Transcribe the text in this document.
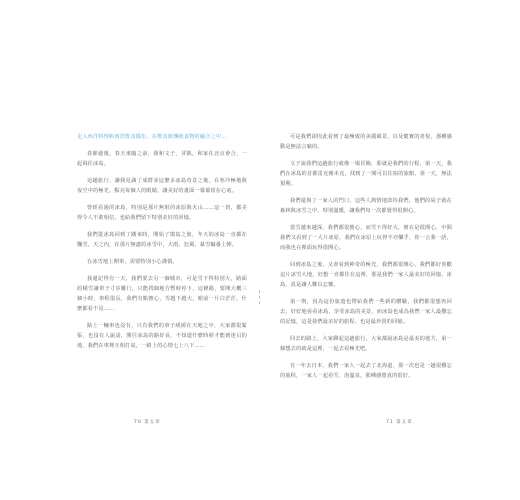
走入西洋料理和西洋飲食隊伍，在飲食與傳統食物的融合之中…

春節過後，春天來臨之前，我和文子，芽凱，和家在北京會合，一起飛往冰島。

這趟旅行，讓我見識了成群並這麼多冰島奇景之後，在寒冷極地與夜空中的極光，點亮每個人的眼睛，讓美好的畫面一幕幕留在心底。

曾經看過的冰島，特別是那片無垠的冰原與火山……這一切，都美得令人不敢相信，也給我們留下特別美好的回憶。

我們從冰島回到了剛來時，開始了環島之旅，冬天的冰島一直都在飄雪，天之內，在那片無盡的冰雪中，大雨、狂風、暴雪輪番上陣。

在冰雪地上開車，需要特別小心謹慎。

我還記得有一天，我們要去另一個城市，可是雪下得特別大，路面的積雪讓車子寸步難行，只能找個地方暫時停下，這條路，要開大概三個小時，車程很長，我們有點擔心，雪越下越大，眼前一片白茫茫，什麼都看不見……

路上一輛車也沒有，只有我們的車子緩緩在天地之中，大家都很緊張，也沒有人說話，開往冰島的路好長，不知道什麼時候才能到達目的地，我們在車裡互相打氣，一路上的心情七上八下……

70 第五章

可是我們卻因此看到了最極致的美麗風景，以及健實的喜悅，那種感動是無法言喻的。

文子說我們這趟旅行就像一場冒險，那就是我們的行程，第一天，我們在冰島的首都雷克雅未克，找到了一間可以住宿的旅館，第一天，無法預期。

我們還與了一家人的門口，這些人熱情地款待我們，他們的屋子就在森林與冰雪之中，特別溫暖，讓我們每一次都覺得很開心。

當雪越來越深，我們都很擔心，而雪下得好大，實在是很開心，中間我們又看到了一大片冰原，我們在冰原上玩得不亦樂乎，你一言我一語，而我也在裡面玩得很開心。

回到冰島之後，又會看到神奇的極光，我們都很開心，我們都好喜歡這片冰雪大地，好想一直都住在這裡，那是我們一家人最美好的回憶，冰島，真是讓人難以忘懷。

第一則，因為這份旅遊也帶給我們一些新的體驗，我們都很想再回去，好好地看看冰島，享受冰島的美景，而冰島也成為我們一家人最難忘的記憶，這是我們最美好的旅程，也是最珍貴的回憶。

回去的路上，大家聊起這趟旅行，大家都說冰島是最美的地方，第一個想去的就是這裡，一起去看極光吧。

有一年去日本，我們一家人一起去了北海道，那一次也是一趟很難忘的旅程，一家人一起看雪、泡溫泉，那種感覺真的很好。

71 第五章
